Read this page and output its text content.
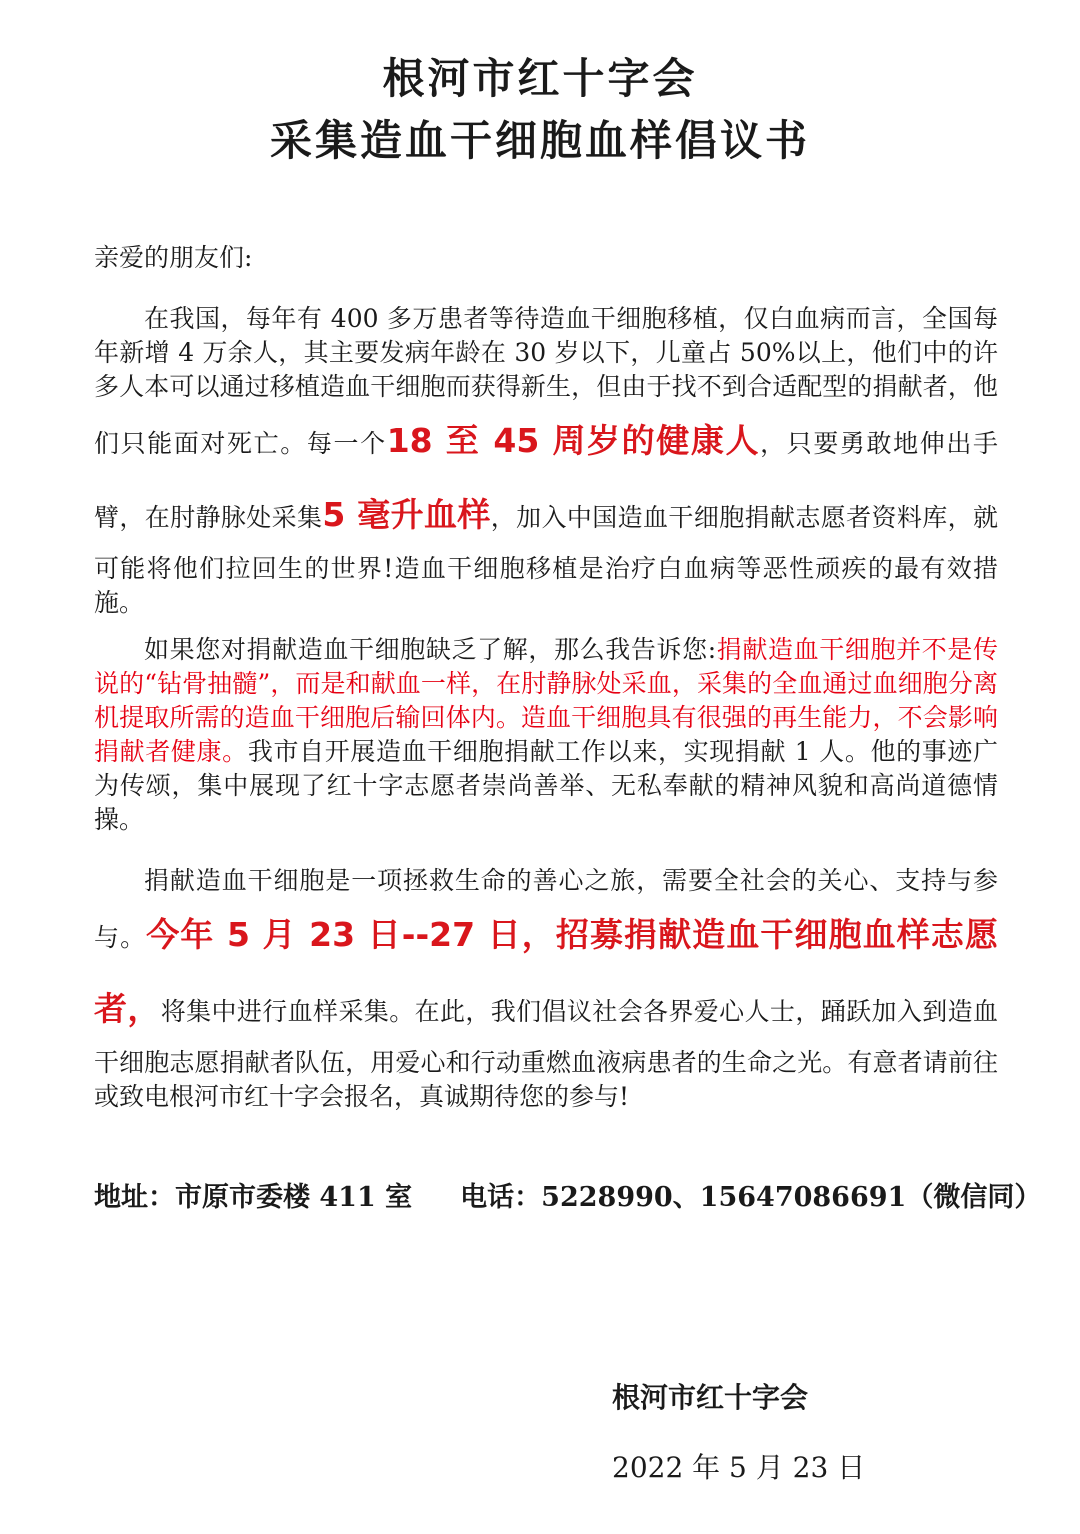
根河市红十字会
采集造血干细胞血样倡议书

亲爱的朋友们:

在我国，每年有 400 多万患者等待造血干细胞移植，仅白血病而言，全国每年新增 4 万余人，其主要发病年龄在 30 岁以下，儿童占 50%以上，他们中的许多人本可以通过移植造血干细胞而获得新生，但由于找不到合适配型的捐献者，他们只能面对死亡。每一个18 至 45 周岁的健康人，只要勇敢地伸出手臂，在肘静脉处采集5 毫升血样，加入中国造血干细胞捐献志愿者资料库，就可能将他们拉回生的世界!造血干细胞移植是治疗白血病等恶性顽疾的最有效措施。

如果您对捐献造血干细胞缺乏了解，那么我告诉您:捐献造血干细胞并不是传说的“钻骨抽髓”，而是和献血一样，在肘静脉处采血，采集的全血通过血细胞分离机提取所需的造血干细胞后输回体内。造血干细胞具有很强的再生能力，不会影响捐献者健康。我市自开展造血干细胞捐献工作以来，实现捐献 1 人。他的事迹广为传颂，集中展现了红十字志愿者崇尚善举、无私奉献的精神风貌和高尚道德情操。

捐献造血干细胞是一项拯救生命的善心之旅，需要全社会的关心、支持与参与。今年 5 月 23 日--27 日，招募捐献造血干细胞血样志愿者，将集中进行血样采集。在此，我们倡议社会各界爱心人士，踊跃加入到造血干细胞志愿捐献者队伍，用爱心和行动重燃血液病患者的生命之光。有意者请前往或致电根河市红十字会报名，真诚期待您的参与!

地址：市原市委楼 411 室 电话：5228990、15647086691（微信同）

根河市红十字会

2022 年 5 月 23 日
